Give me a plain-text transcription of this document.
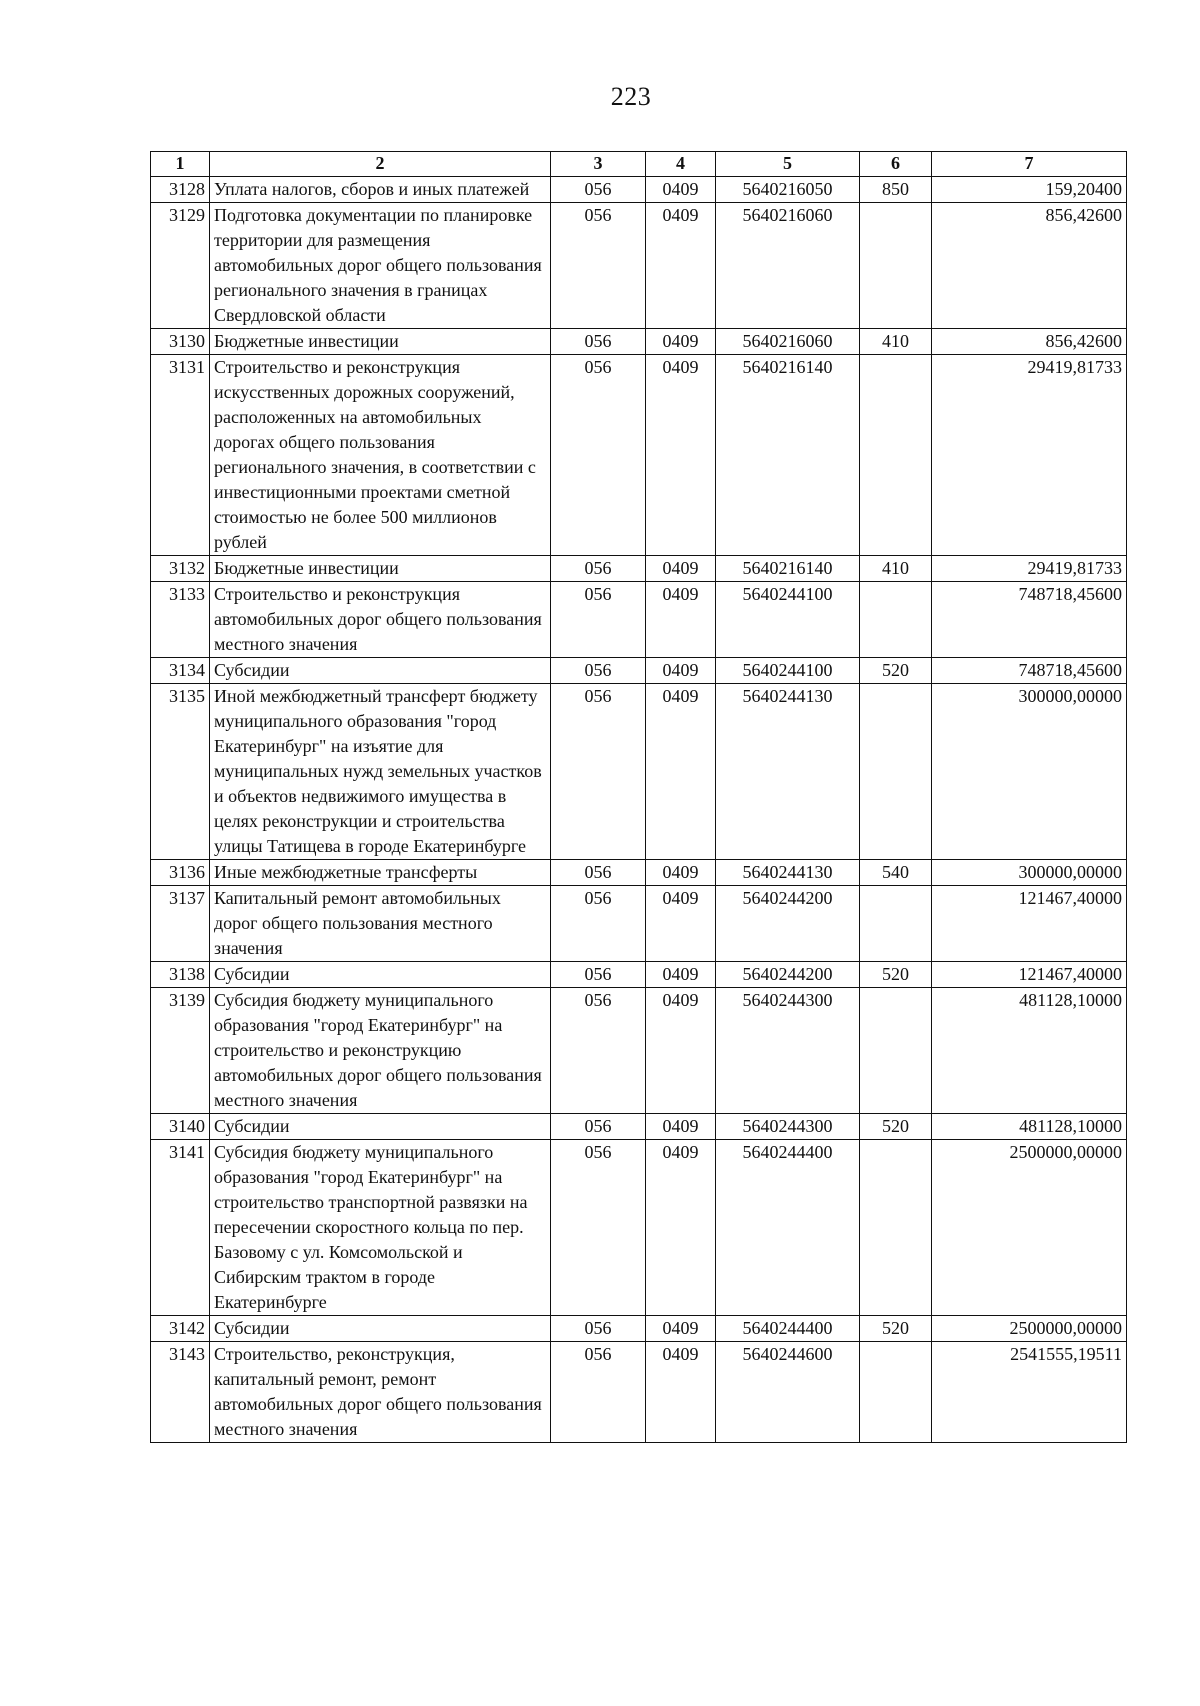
223
1	2	3	4	5	6	7
3128	Уплата налогов, сборов и иных платежей	056	0409	5640216050	850	159,20400
3129	Подготовка документации по планировке территории для размещения автомобильных дорог общего пользования регионального значения в границах Свердловской области	056	0409	5640216060		856,42600
3130	Бюджетные инвестиции	056	0409	5640216060	410	856,42600
3131	Строительство и реконструкция искусственных дорожных сооружений, расположенных на автомобильных дорогах общего пользования регионального значения, в соответствии с инвестиционными проектами сметной стоимостью не более 500 миллионов рублей	056	0409	5640216140		29419,81733
3132	Бюджетные инвестиции	056	0409	5640216140	410	29419,81733
3133	Строительство и реконструкция автомобильных дорог общего пользования местного значения	056	0409	5640244100		748718,45600
3134	Субсидии	056	0409	5640244100	520	748718,45600
3135	Иной межбюджетный трансферт бюджету муниципального образования "город Екатеринбург" на изъятие для муниципальных нужд земельных участков и объектов недвижимого имущества в целях реконструкции и строительства улицы Татищева в городе Екатеринбурге	056	0409	5640244130		300000,00000
3136	Иные межбюджетные трансферты	056	0409	5640244130	540	300000,00000
3137	Капитальный ремонт автомобильных дорог общего пользования местного значения	056	0409	5640244200		121467,40000
3138	Субсидии	056	0409	5640244200	520	121467,40000
3139	Субсидия бюджету муниципального образования "город Екатеринбург" на строительство и реконструкцию автомобильных дорог общего пользования местного значения	056	0409	5640244300		481128,10000
3140	Субсидии	056	0409	5640244300	520	481128,10000
3141	Субсидия бюджету муниципального образования "город Екатеринбург" на строительство транспортной развязки на пересечении скоростного кольца по пер. Базовому с ул. Комсомольской и Сибирским трактом в городе Екатеринбурге	056	0409	5640244400		2500000,00000
3142	Субсидии	056	0409	5640244400	520	2500000,00000
3143	Строительство, реконструкция, капитальный ремонт, ремонт автомобильных дорог общего пользования местного значения	056	0409	5640244600		2541555,19511
